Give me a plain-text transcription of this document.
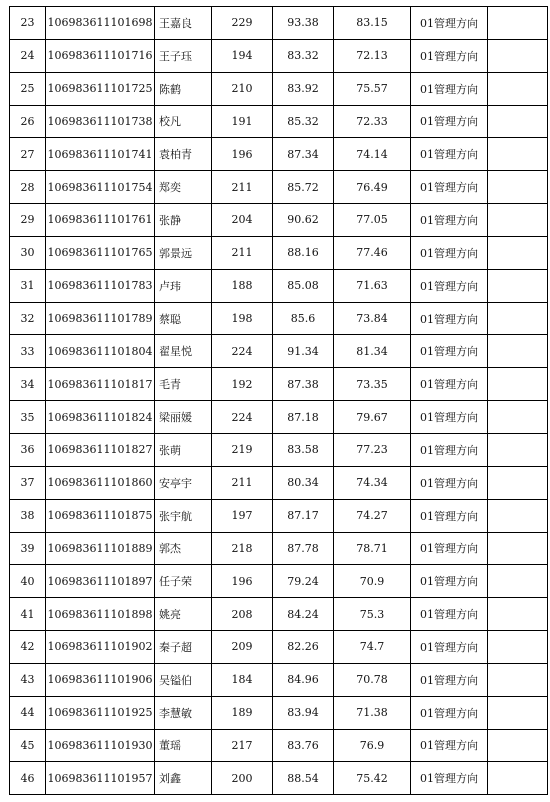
23	106983611101698	王嘉良	229	93.38	83.15	01管理方向	
24	106983611101716	王子珏	194	83.32	72.13	01管理方向	
25	106983611101725	陈鹤	210	83.92	75.57	01管理方向	
26	106983611101738	校凡	191	85.32	72.33	01管理方向	
27	106983611101741	袁柏青	196	87.34	74.14	01管理方向	
28	106983611101754	郑奕	211	85.72	76.49	01管理方向	
29	106983611101761	张静	204	90.62	77.05	01管理方向	
30	106983611101765	郭景远	211	88.16	77.46	01管理方向	
31	106983611101783	卢玮	188	85.08	71.63	01管理方向	
32	106983611101789	蔡聪	198	85.6	73.84	01管理方向	
33	106983611101804	翟星悦	224	91.34	81.34	01管理方向	
34	106983611101817	毛青	192	87.38	73.35	01管理方向	
35	106983611101824	梁丽媛	224	87.18	79.67	01管理方向	
36	106983611101827	张萌	219	83.58	77.23	01管理方向	
37	106983611101860	安亭宇	211	80.34	74.34	01管理方向	
38	106983611101875	张宇航	197	87.17	74.27	01管理方向	
39	106983611101889	郭杰	218	87.78	78.71	01管理方向	
40	106983611101897	任子荣	196	79.24	70.9	01管理方向	
41	106983611101898	姚亮	208	84.24	75.3	01管理方向	
42	106983611101902	秦子超	209	82.26	74.7	01管理方向	
43	106983611101906	吴镒伯	184	84.96	70.78	01管理方向	
44	106983611101925	李慧敏	189	83.94	71.38	01管理方向	
45	106983611101930	董瑶	217	83.76	76.9	01管理方向	
46	106983611101957	刘鑫	200	88.54	75.42	01管理方向	
